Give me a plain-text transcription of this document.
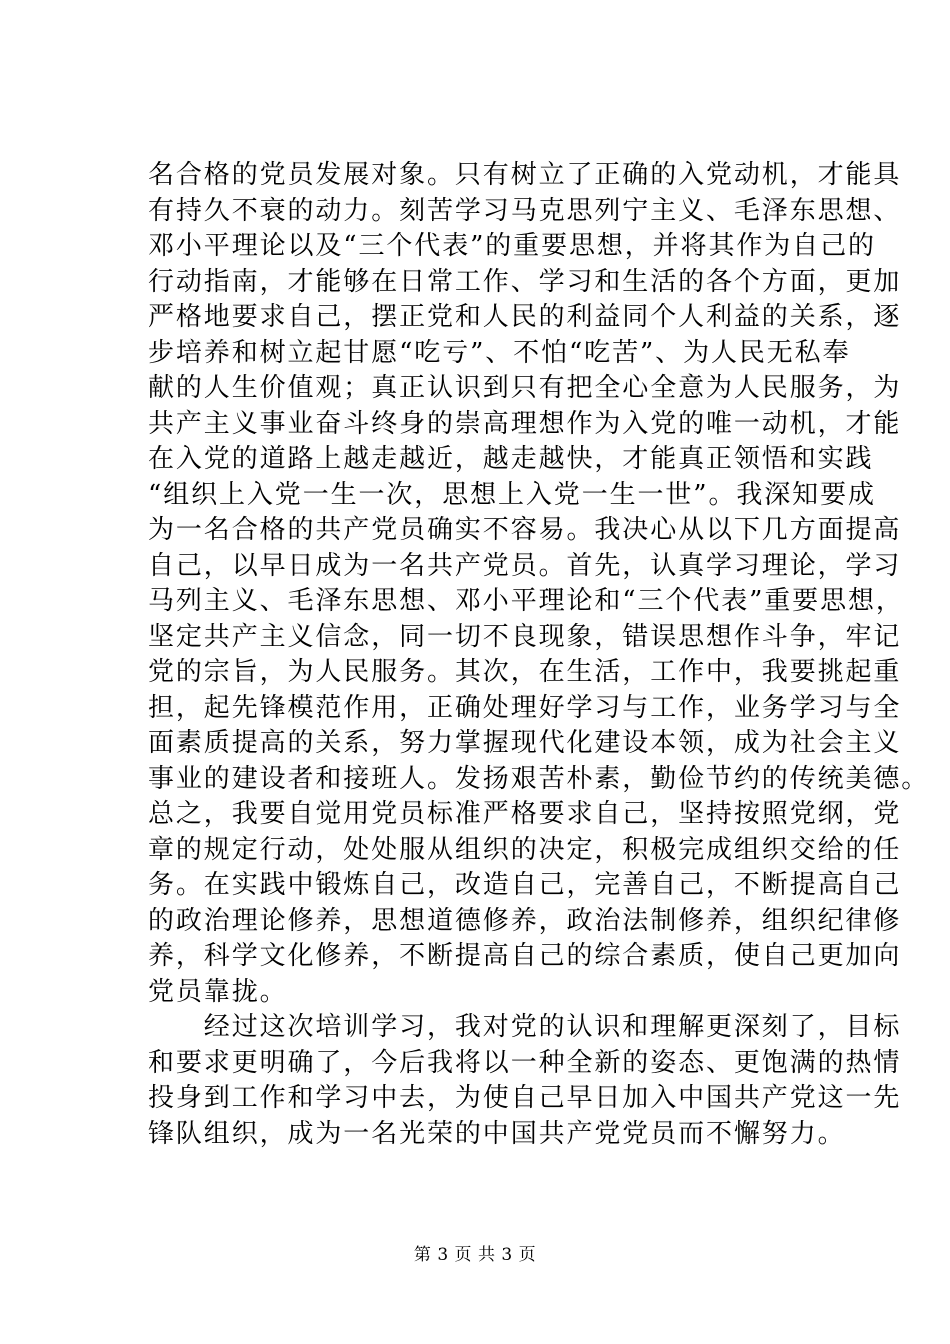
名合格的党员发展对象。只有树立了正确的入党动机，才能具
有持久不衰的动力。刻苦学习马克思列宁主义、毛泽东思想、
邓小平理论以及“三个代表”的重要思想，并将其作为自己的
行动指南，才能够在日常工作、学习和生活的各个方面，更加
严格地要求自己，摆正党和人民的利益同个人利益的关系，逐
步培养和树立起甘愿“吃亏”、不怕“吃苦”、为人民无私奉
献的人生价值观；真正认识到只有把全心全意为人民服务，为
共产主义事业奋斗终身的崇高理想作为入党的唯一动机，才能
在入党的道路上越走越近，越走越快，才能真正领悟和实践
“组织上入党一生一次，思想上入党一生一世”。我深知要成
为一名合格的共产党员确实不容易。我决心从以下几方面提高
自己，以早日成为一名共产党员。首先，认真学习理论，学习
马列主义、毛泽东思想、邓小平理论和“三个代表”重要思想，
坚定共产主义信念，同一切不良现象，错误思想作斗争，牢记
党的宗旨，为人民服务。其次，在生活，工作中，我要挑起重
担，起先锋模范作用，正确处理好学习与工作，业务学习与全
面素质提高的关系，努力掌握现代化建设本领，成为社会主义
事业的建设者和接班人。发扬艰苦朴素，勤俭节约的传统美德。
总之，我要自觉用党员标准严格要求自己，坚持按照党纲，党
章的规定行动，处处服从组织的决定，积极完成组织交给的任
务。在实践中锻炼自己，改造自己，完善自己，不断提高自己
的政治理论修养，思想道德修养，政治法制修养，组织纪律修
养，科学文化修养，不断提高自己的综合素质，使自己更加向
党员靠拢。
　　经过这次培训学习，我对党的认识和理解更深刻了，目标
和要求更明确了，今后我将以一种全新的姿态、更饱满的热情
投身到工作和学习中去，为使自己早日加入中国共产党这一先
锋队组织，成为一名光荣的中国共产党党员而不懈努力。
第 3 页 共 3 页
